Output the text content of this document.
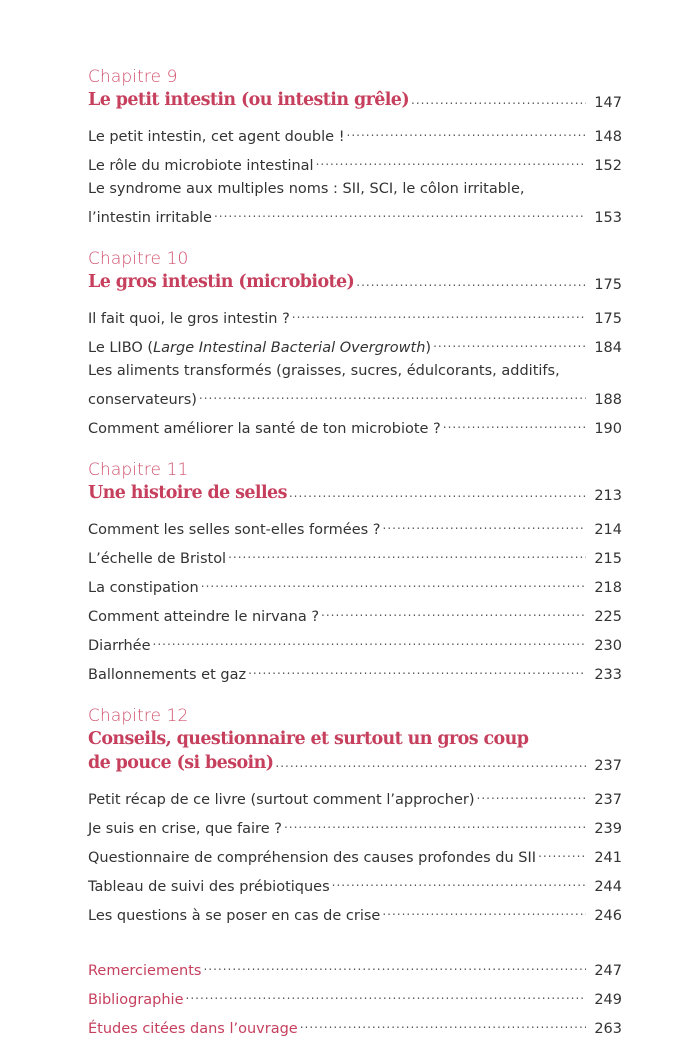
Chapitre 9
Le petit intestin (ou intestin grêle) .....	147
Le petit intestin, cet agent double ! .....	148
Le rôle du microbiote intestinal .....	152
Le syndrome aux multiples noms : SII, SCI, le côlon irritable,
l’intestin irritable .....	153
Chapitre 10
Le gros intestin (microbiote) .....	175
Il fait quoi, le gros intestin ? .....	175
Le LIBO (Large Intestinal Bacterial Overgrowth) .....	184
Les aliments transformés (graisses, sucres, édulcorants, additifs,
conservateurs) .....	188
Comment améliorer la santé de ton microbiote ? .....	190
Chapitre 11
Une histoire de selles .....	213
Comment les selles sont-elles formées ? .....	214
L’échelle de Bristol .....	215
La constipation .....	218
Comment atteindre le nirvana ? .....	225
Diarrhée .....	230
Ballonnements et gaz .....	233
Chapitre 12
Conseils, questionnaire et surtout un gros coup
de pouce (si besoin) .....	237
Petit récap de ce livre (surtout comment l’approcher) .....	237
Je suis en crise, que faire ? .....	239
Questionnaire de compréhension des causes profondes du SII .....	241
Tableau de suivi des prébiotiques .....	244
Les questions à se poser en cas de crise .....	246
Remerciements .....	247
Bibliographie .....	249
Études citées dans l’ouvrage .....	263
